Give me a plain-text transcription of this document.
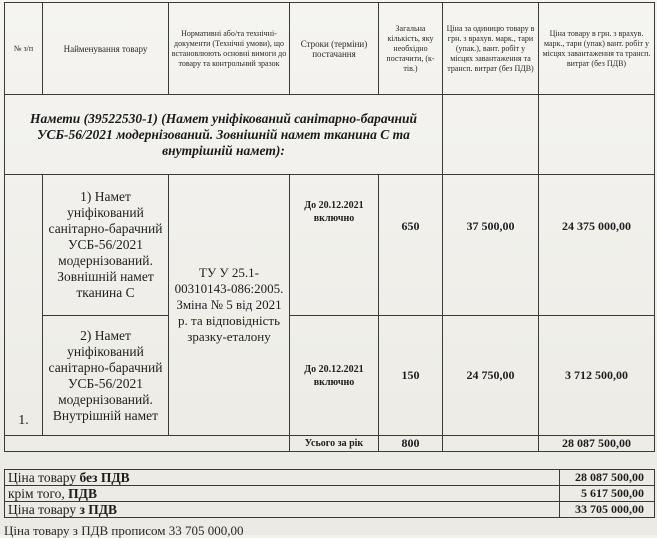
№ з/п	Найменування товару	Нормативні або/та технічні-документи (Технічні умови), що встановлюють основні вимоги до товару та контрольний зразок	Строки (терміни) постачання	Загальна кількість, яку необхідно постачити, (к-тів.)	Ціна за одиницю товару в грн. з врахув. марк., тари (упак.), вант. робіт у місцях завантаження та трансп. витрат (без ПДВ)	Ціна товару в грн. з врахув. марк., тари (упак) вант. робіт у місцях завантаження та трансп. витрат (без ПДВ)
Намети (39522530-1) (Намет уніфікований санітарно-барачний УСБ-56/2021 модернізований. Зовнішній намет тканина С та внутрішній намет):						
1.	1) Намет уніфікований санітарно-барачний УСБ-56/2021 модернізований. Зовнішній намет тканина С	ТУ У 25.1-00310143-086:2005. Зміна № 5 від 2021 р. та відповідність зразку-еталону	До 20.12.2021 включно	650	37 500,00	24 375 000,00
	2) Намет уніфікований санітарно-барачний УСБ-56/2021 модернізований. Внутрішній намет		До 20.12.2021 включно	150	24 750,00	3 712 500,00
			Усього за рік	800		28 087 500,00
Ціна товару без ПДВ	28 087 500,00
крім того, ПДВ	5 617 500,00
Ціна товару з ПДВ	33 705 000,00
Ціна товару з ПДВ прописом 33 705 000,00
